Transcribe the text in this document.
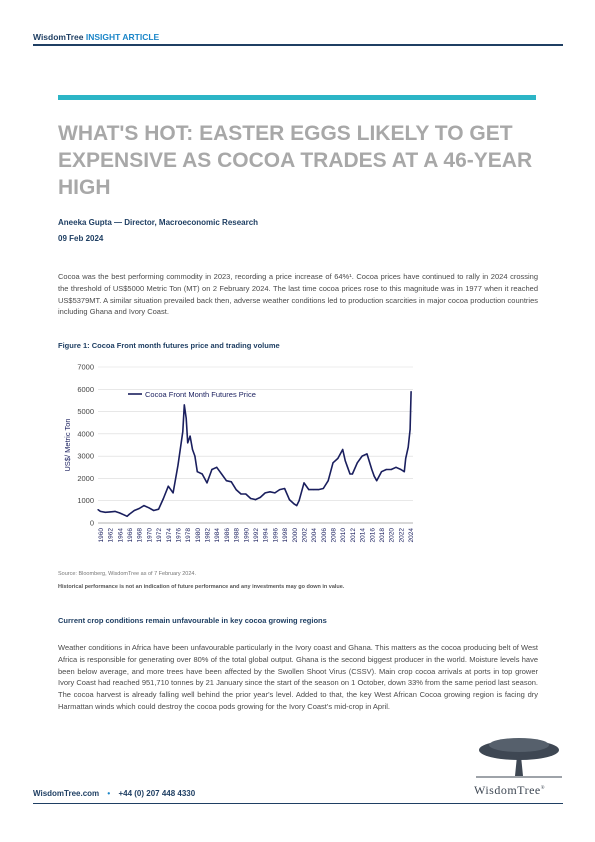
WisdomTree INSIGHT ARTICLE
WHAT'S HOT: EASTER EGGS LIKELY TO GET EXPENSIVE AS COCOA TRADES AT A 46-YEAR HIGH
Aneeka Gupta — Director, Macroeconomic Research
09 Feb 2024

Cocoa was the best performing commodity in 2023, recording a price increase of 64%¹. Cocoa prices have continued to rally in 2024 crossing the threshold of US$5000 Metric Ton (MT) on 2 February 2024. The last time cocoa prices rose to this magnitude was in 1977 when it reached US$5379MT. A similar situation prevailed back then, adverse weather conditions led to production scarcities in major cocoa production countries including Ghana and Ivory Coast.

Figure 1: Cocoa Front month futures price and trading volume
0
1000
2000
3000
4000
5000
6000
7000
1960 1962 1964 1966 1968 1970 1972 1974 1976 1978 1980 1982 1984 1986 1988 1990 1992 1994 1996 1998 2000 2002 2004 2006 2008 2010 2012 2014 2016 2018 2020 2022 2024
US$/ Metric Ton
Cocoa Front Month Futures Price
Source: Bloomberg, WisdomTree as of 7 February 2024.
Historical performance is not an indication of future performance and any investments may go down in value.
Current crop conditions remain unfavourable in key cocoa growing regions

Weather conditions in Africa have been unfavourable particularly in the Ivory coast and Ghana. This matters as the cocoa producing belt of West Africa is responsible for generating over 80% of the total global output. Ghana is the second biggest producer in the world. Moisture levels have been below average, and more trees have been affected by the Swollen Shoot Virus (CSSV). Main crop cocoa arrivals at ports in top grower Ivory Coast had reached 951,710 tonnes by 21 January since the start of the season on 1 October, down 33% from the same period last season. The cocoa harvest is already falling well behind the prior year's level. Added to that, the key West African Cocoa growing region is facing dry Harmattan winds which could destroy the cocoa pods growing for the Ivory Coast's mid-crop in April.

WisdomTree®
WisdomTree.com • +44 (0) 207 448 4330
